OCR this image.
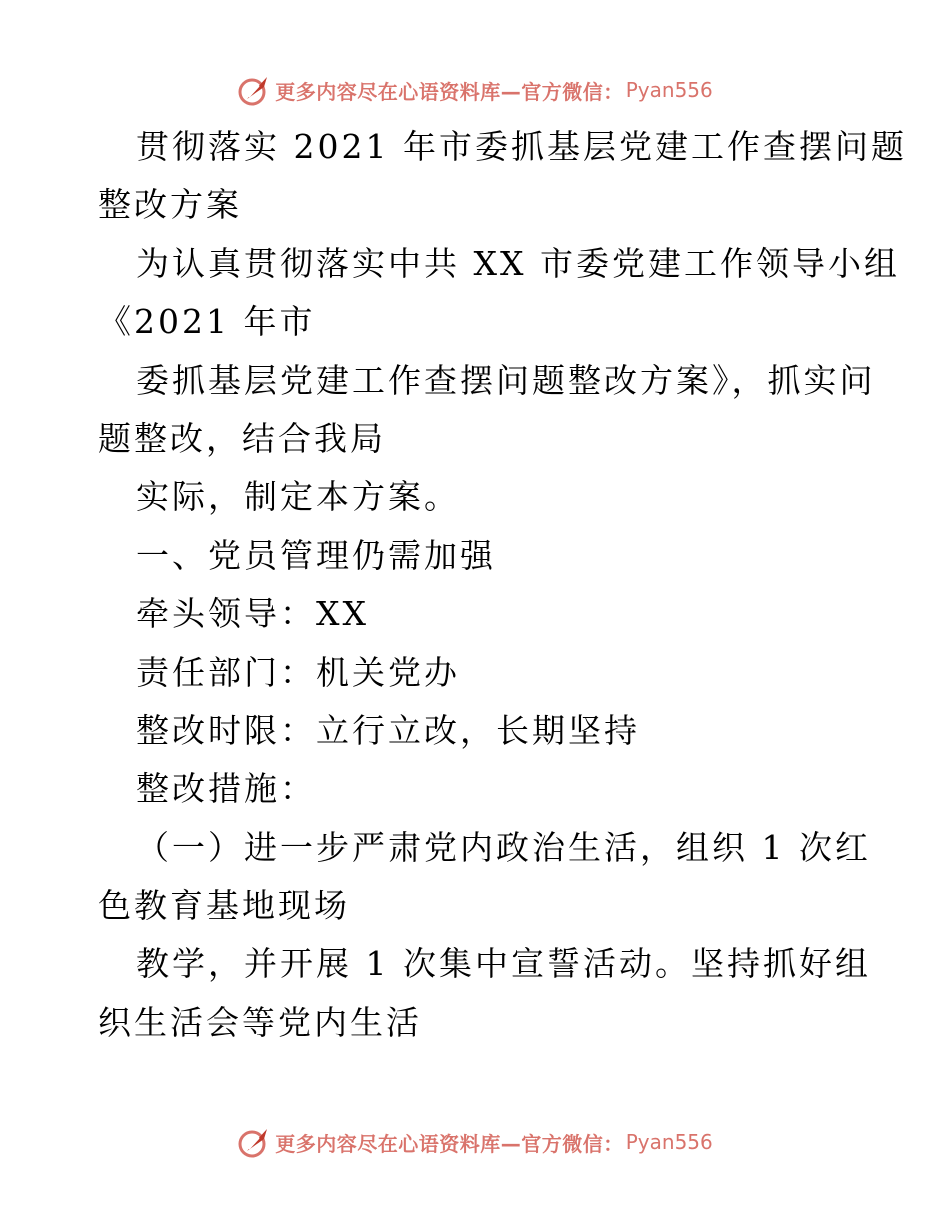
更多内容尽在心语资料库—官方微信： Pyan556
贯彻落实 2021 年市委抓基层党建工作查摆问题
整改方案
为认真贯彻落实中共 XX 市委党建工作领导小组
《2021 年市
委抓基层党建工作查摆问题整改方案》，抓实问
题整改，结合我局
实际，制定本方案。
一、党员管理仍需加强
牵头领导：XX
责任部门：机关党办
整改时限：立行立改，长期坚持
整改措施：
（一）进一步严肃党内政治生活，组织 1 次红
色教育基地现场
教学，并开展 1 次集中宣誓活动。坚持抓好组
织生活会等党内生活
更多内容尽在心语资料库—官方微信： Pyan556
